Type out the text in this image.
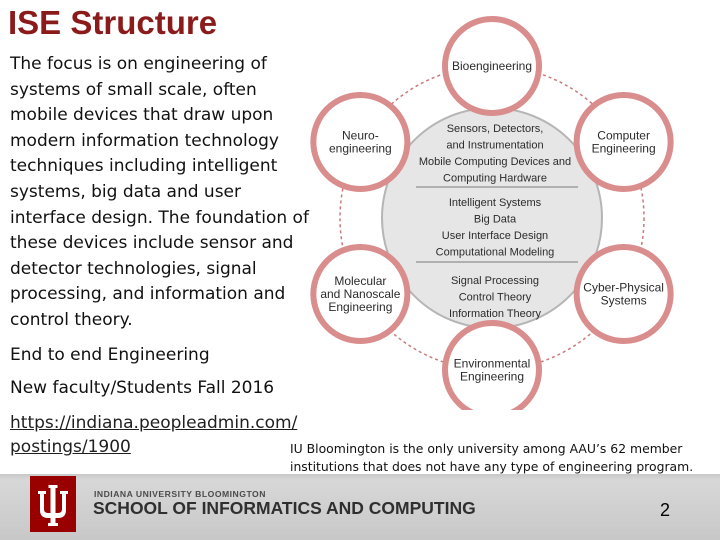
ISE Structure
The focus is on engineering of systems of small scale, often mobile devices that draw upon modern information technology techniques including intelligent systems, big data and user interface design. The foundation of these devices include sensor and detector technologies, signal processing, and information and control theory.
End to end Engineering
New faculty/Students Fall 2016
https://indiana.peopleadmin.com/
postings/1900	IU Bloomington is the only university among AAU’s 62 member institutions that does not have any type of engineering program.
Sensors, Detectors,
and Instrumentation
Mobile Computing Devices and
Computing Hardware
Intelligent Systems
Big Data
User Interface Design
Computational Modeling
Signal Processing
Control Theory
Information Theory
Bioengineering
Computer
Engineering
Cyber-Physical
Systems
Environmental
Engineering
Molecular
and Nanoscale
Engineering
Neuro-
engineering
INDIANA UNIVERSITY BLOOMINGTON
SCHOOL OF INFORMATICS AND COMPUTING	2
